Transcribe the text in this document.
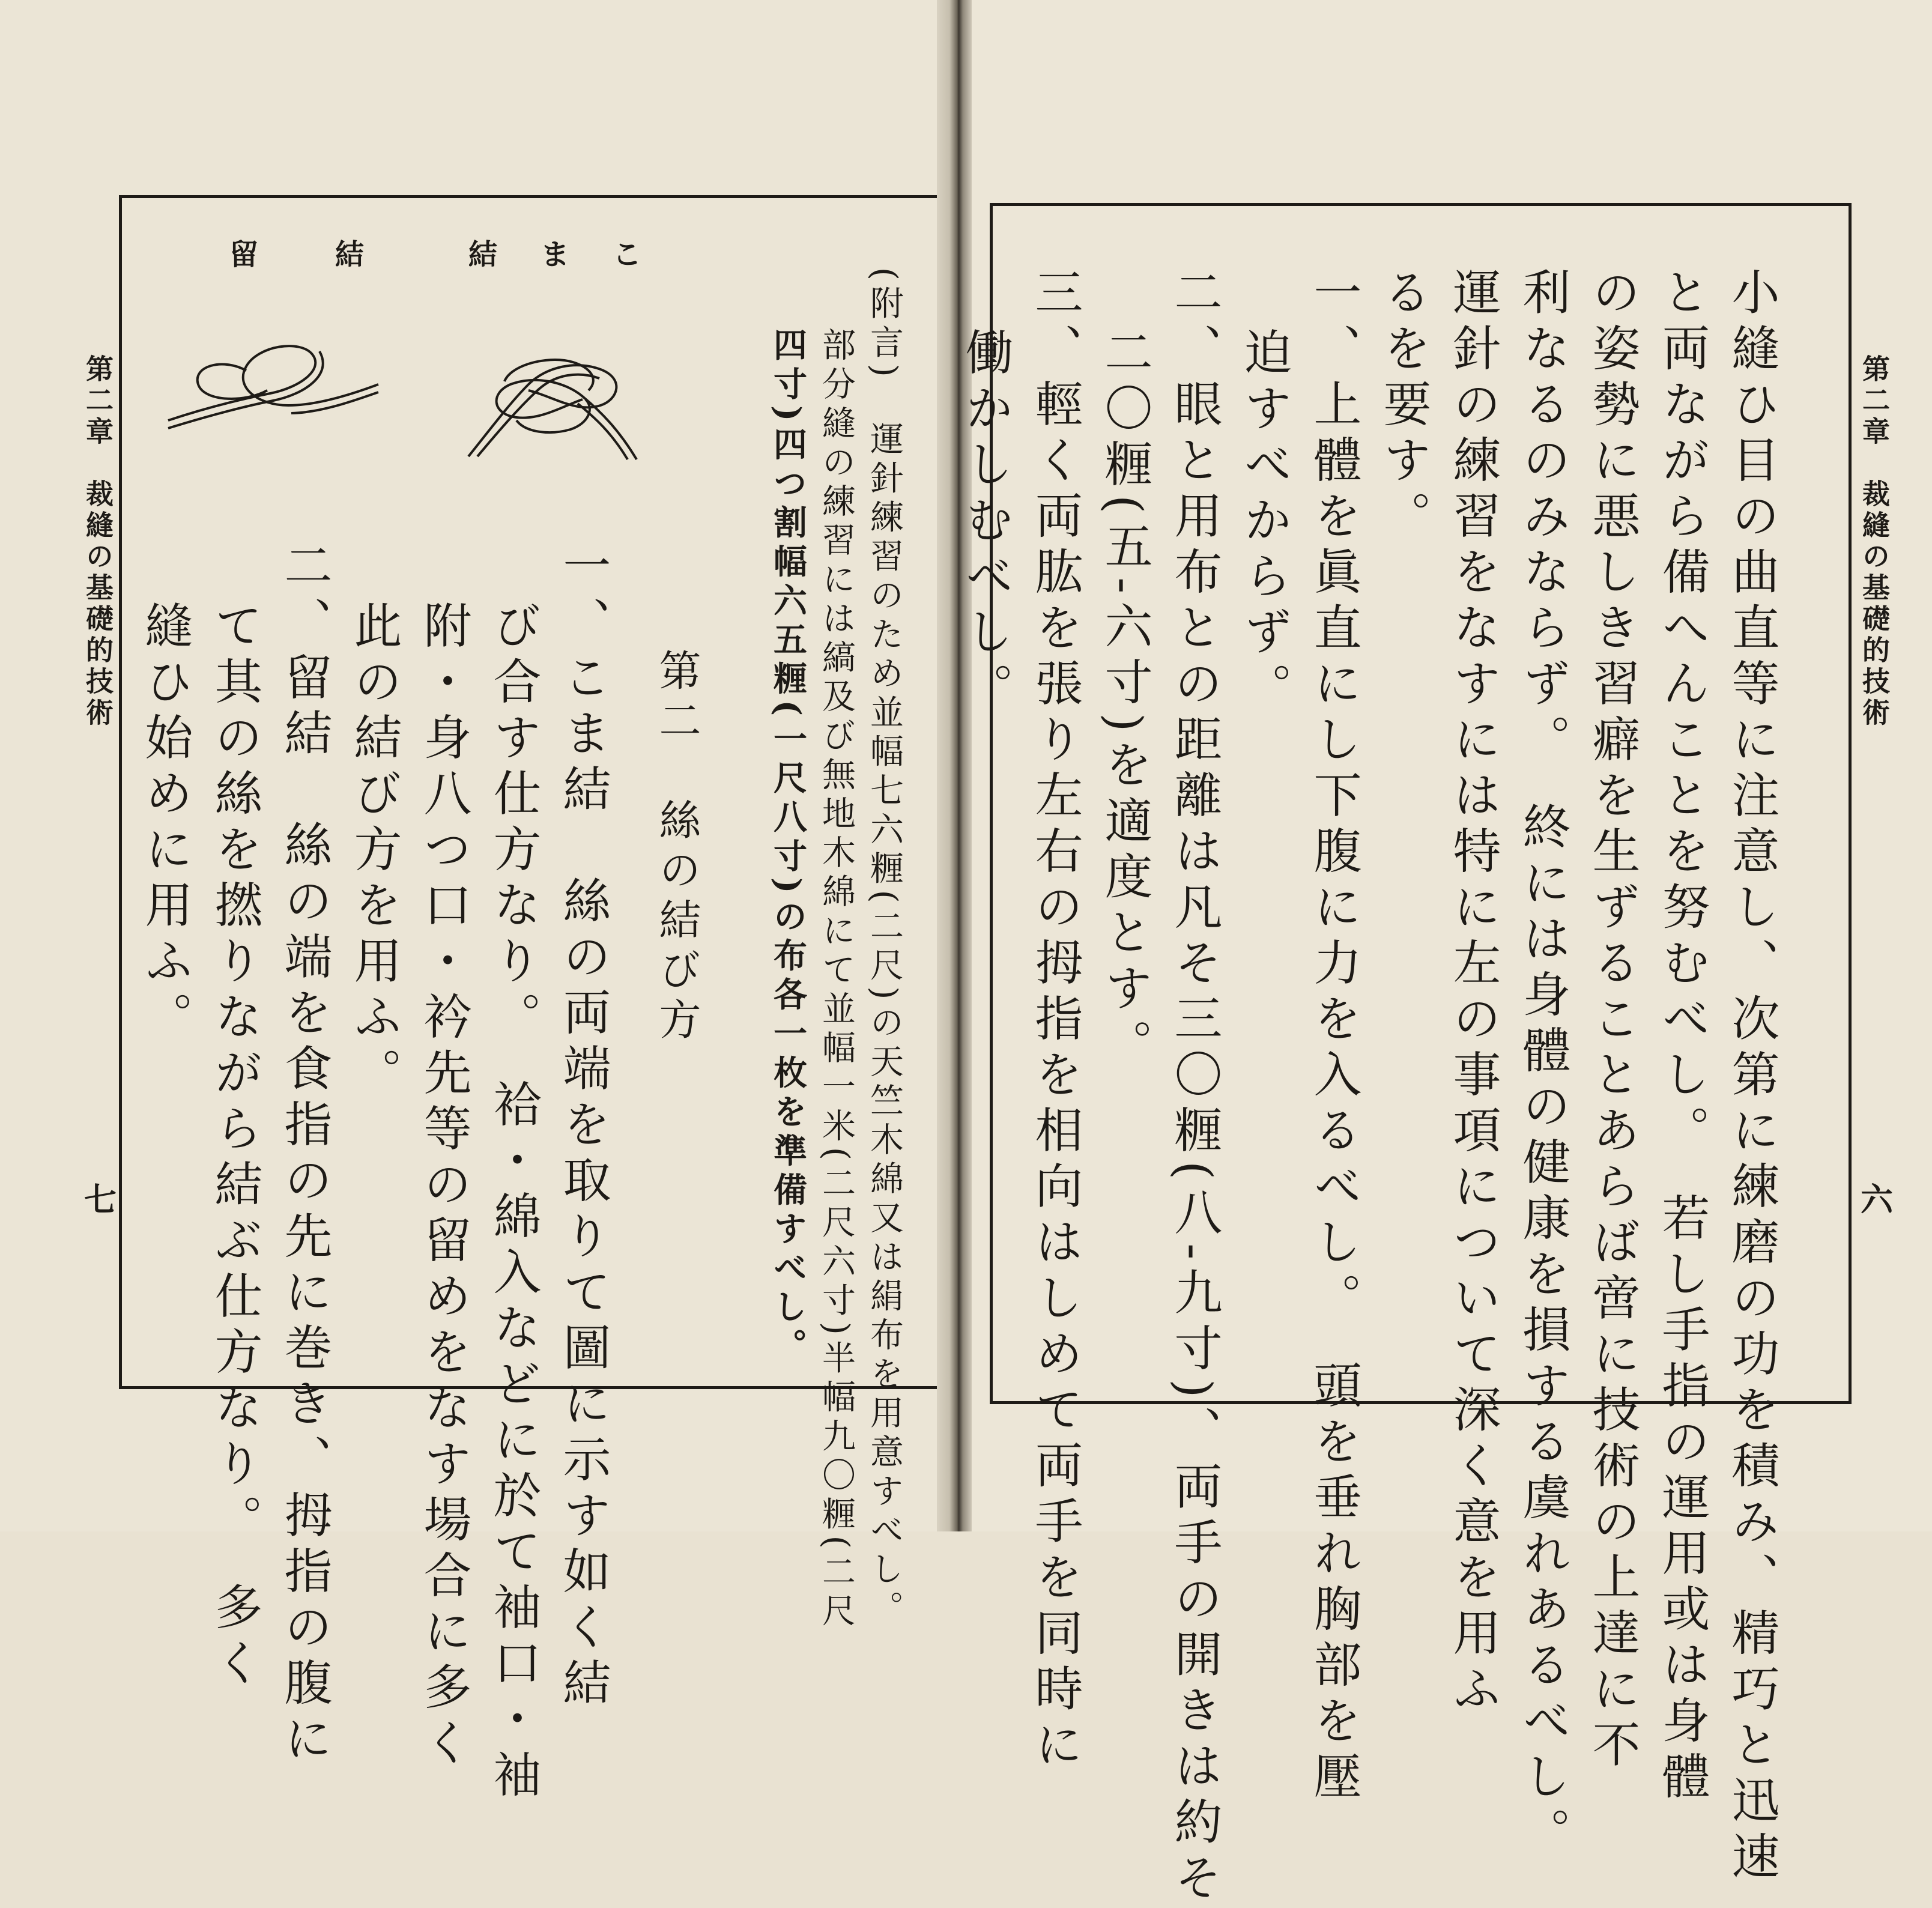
結　ま　こ
留　結
(附言)　運針練習のため並幅七六糎(二尺)の天竺木綿又は絹布を用意すべし。
部分縫の練習には縞及び無地木綿にて並幅一米(二尺六寸)半幅九〇糎(二尺
四寸)四つ割幅六五糎(一尺八寸)の布各一枚を準備すべし。
第二　絲の結び方
一、こま結　絲の両端を取りて圖に示す如く結
び合す仕方なり。　袷・綿入などに於て袖口・袖
附・身八つ口・衿先等の留めをなす場合に多く
此の結び方を用ふ。
二、留結　絲の端を食指の先に巻き、拇指の腹に
て其の絲を撚りながら結ぶ仕方なり。　多く
縫ひ始めに用ふ。
第二章　裁縫の基礎的技術
七	小縫ひ目の曲直等に注意し、次第に練磨の功を積み、精巧と迅速
と両ながら備へんことを努むべし。　若し手指の運用或は身體
の姿勢に悪しき習癖を生ずることあらば啻に技術の上達に不
利なるのみならず。　終には身體の健康を損する虞れあるべし。
運針の練習をなすには特に左の事項について深く意を用ふ
るを要す。
一、上體を眞直にし下腹に力を入るべし。　頭を垂れ胸部を壓
迫すべからず。
二、眼と用布との距離は凡そ三〇糎(八-九寸)、両手の開きは約そ
二〇糎(五-六寸)を適度とす。
三、輕く両肱を張り左右の拇指を相向はしめて両手を同時に
働かしむべし。	第二章　裁縫の基礎的技術
六
